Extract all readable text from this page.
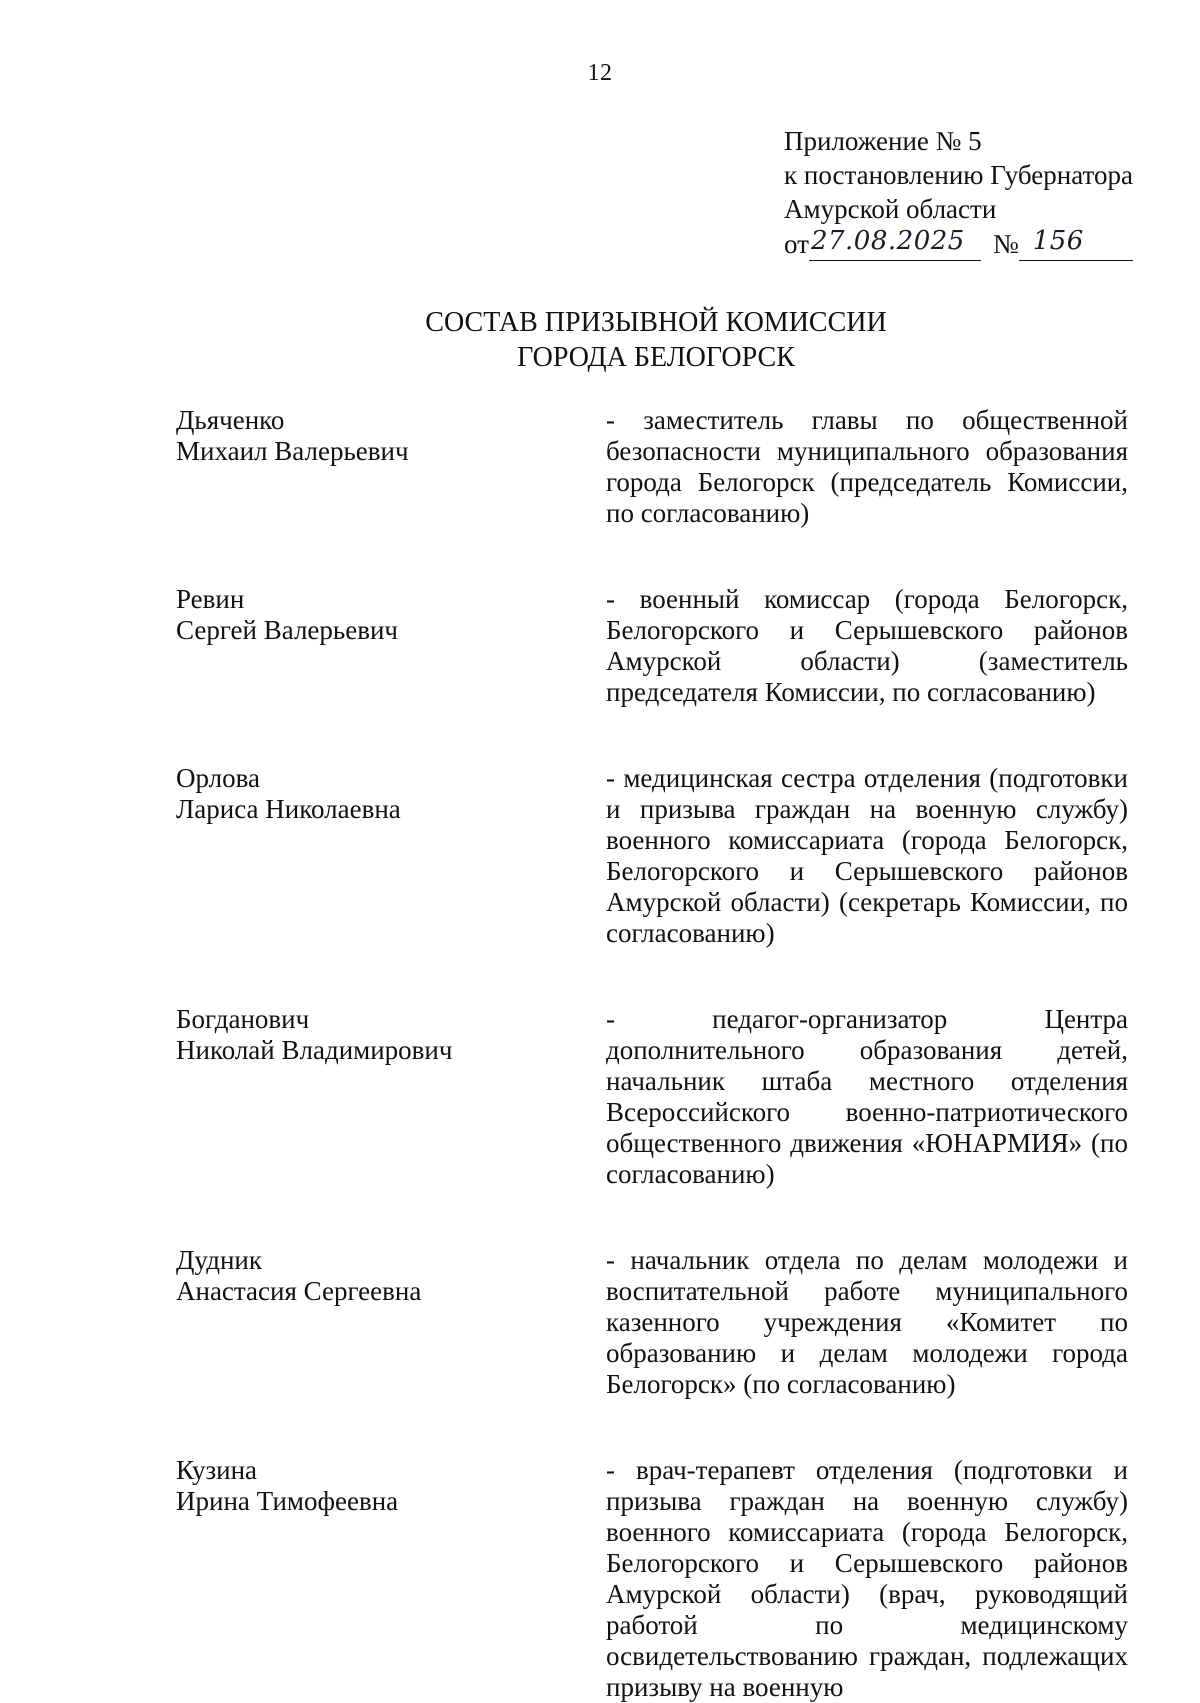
12
Приложение № 5
к постановлению Губернатора
Амурской области
от 27.08.2025 № 156
СОСТАВ ПРИЗЫВНОЙ КОМИССИИ
ГОРОДА БЕЛОГОРСК
Дьяченко
Михаил Валерьевич
- заместитель главы по общественной безопасности муниципального образования города Белогорск (председатель Комиссии, по согласованию)
Ревин
Сергей Валерьевич
- военный комиссар (города Белогорск, Белогорского и Серышевского районов Амурской области) (заместитель председателя Комиссии, по согласованию)
Орлова
Лариса Николаевна
- медицинская сестра отделения (подготовки и призыва граждан на военную службу) военного комиссариата (города Белогорск, Белогорского и Серышевского районов Амурской области) (секретарь Комиссии, по согласованию)
Богданович
Николай Владимирович
- педагог-организатор Центра дополнительного образования детей, начальник штаба местного отделения Всероссийского военно-патриотического общественного движения «ЮНАРМИЯ» (по согласованию)
Дудник
Анастасия Сергеевна
- начальник отдела по делам молодежи и воспитательной работе муниципального казенного учреждения «Комитет по образованию и делам молодежи города Белогорск» (по согласованию)
Кузина
Ирина Тимофеевна
- врач-терапевт отделения (подготовки и призыва граждан на военную службу) военного комиссариата (города Белогорск, Белогорского и Серышевского районов Амурской области) (врач, руководящий работой по медицинскому освидетельствованию граждан, подлежащих призыву на военную
